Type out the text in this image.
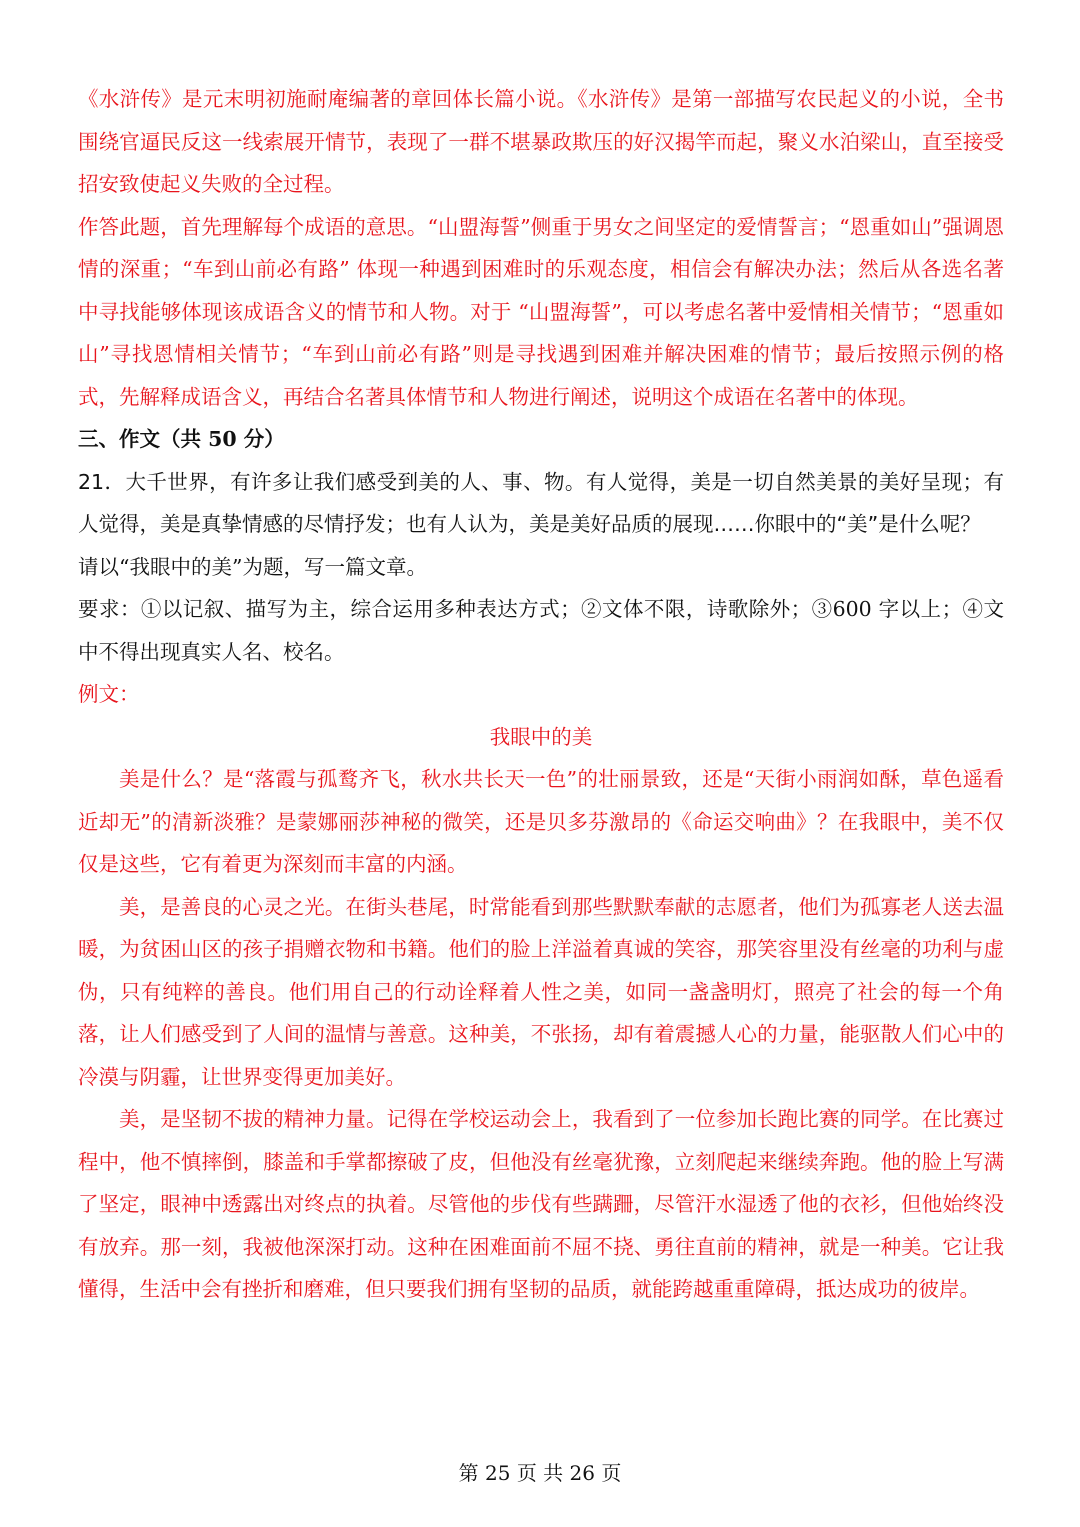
《水浒传》是元末明初施耐庵编著的章回体长篇小说。《水浒传》是第一部描写农民起义的小说，全书围绕官逼民反这一线索展开情节，表现了一群不堪暴政欺压的好汉揭竿而起，聚义水泊梁山，直至接受招安致使起义失败的全过程。

作答此题，首先理解每个成语的意思。“山盟海誓”侧重于男女之间坚定的爱情誓言；“恩重如山”强调恩情的深重；“车到山前必有路” 体现一种遇到困难时的乐观态度，相信会有解决办法；然后从各选名著中寻找能够体现该成语含义的情节和人物。对于 “山盟海誓”，可以考虑名著中爱情相关情节；“恩重如山”寻找恩情相关情节；“车到山前必有路”则是寻找遇到困难并解决困难的情节；最后按照示例的格式，先解释成语含义，再结合名著具体情节和人物进行阐述，说明这个成语在名著中的体现。

三、作文（共 50 分）

21．大千世界，有许多让我们感受到美的人、事、物。有人觉得，美是一切自然美景的美好呈现；有人觉得，美是真挚情感的尽情抒发；也有人认为，美是美好品质的展现……你眼中的“美”是什么呢？

请以“我眼中的美”为题，写一篇文章。

要求：①以记叙、描写为主，综合运用多种表达方式；②文体不限，诗歌除外；③600 字以上；④文中不得出现真实人名、校名。

例文：

我眼中的美

美是什么？是“落霞与孤鹜齐飞，秋水共长天一色”的壮丽景致，还是“天街小雨润如酥，草色遥看近却无”的清新淡雅？是蒙娜丽莎神秘的微笑，还是贝多芬激昂的《命运交响曲》？在我眼中，美不仅仅是这些，它有着更为深刻而丰富的内涵。

美，是善良的心灵之光。在街头巷尾，时常能看到那些默默奉献的志愿者，他们为孤寡老人送去温暖，为贫困山区的孩子捐赠衣物和书籍。他们的脸上洋溢着真诚的笑容，那笑容里没有丝毫的功利与虚伪，只有纯粹的善良。他们用自己的行动诠释着人性之美，如同一盏盏明灯，照亮了社会的每一个角落，让人们感受到了人间的温情与善意。这种美，不张扬，却有着震撼人心的力量，能驱散人们心中的冷漠与阴霾，让世界变得更加美好。

美，是坚韧不拔的精神力量。记得在学校运动会上，我看到了一位参加长跑比赛的同学。在比赛过程中，他不慎摔倒，膝盖和手掌都擦破了皮，但他没有丝毫犹豫，立刻爬起来继续奔跑。他的脸上写满了坚定，眼神中透露出对终点的执着。尽管他的步伐有些蹒跚，尽管汗水湿透了他的衣衫，但他始终没有放弃。那一刻，我被他深深打动。这种在困难面前不屈不挠、勇往直前的精神，就是一种美。它让我懂得，生活中会有挫折和磨难，但只要我们拥有坚韧的品质，就能跨越重重障碍，抵达成功的彼岸。

第 25 页 共 26 页
